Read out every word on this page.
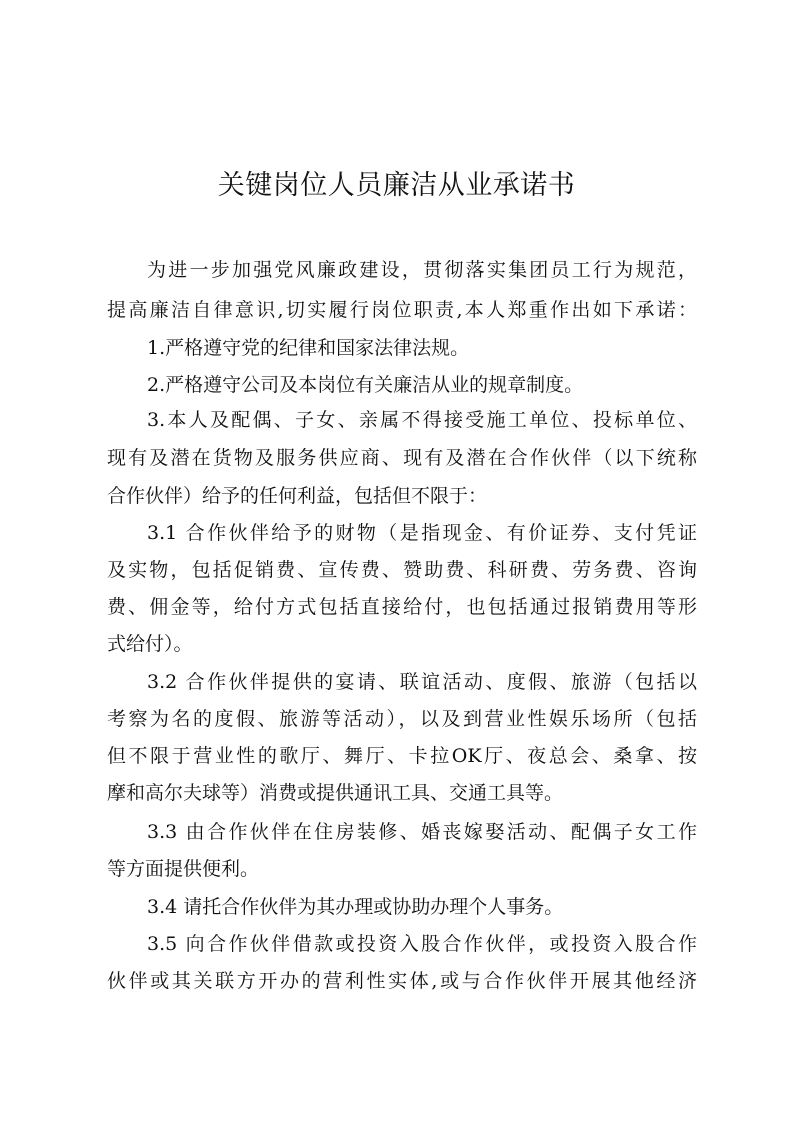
关键岗位人员廉洁从业承诺书

为进一步加强党风廉政建设，贯彻落实集团员工行为规范，

提高廉洁自律意识,切实履行岗位职责,本人郑重作出如下承诺：

1.严格遵守党的纪律和国家法律法规。

2.严格遵守公司及本岗位有关廉洁从业的规章制度。

3.本人及配偶、子女、亲属不得接受施工单位、投标单位、

现有及潜在货物及服务供应商、现有及潜在合作伙伴（以下统称

合作伙伴）给予的任何利益，包括但不限于：

3.1 合作伙伴给予的财物（是指现金、有价证券、支付凭证

及实物，包括促销费、宣传费、赞助费、科研费、劳务费、咨询

费、佣金等，给付方式包括直接给付，也包括通过报销费用等形

式给付）。

3.2 合作伙伴提供的宴请、联谊活动、度假、旅游（包括以

考察为名的度假、旅游等活动），以及到营业性娱乐场所（包括

但不限于营业性的歌厅、舞厅、卡拉OK厅、夜总会、桑拿、按

摩和高尔夫球等）消费或提供通讯工具、交通工具等。

3.3 由合作伙伴在住房装修、婚丧嫁娶活动、配偶子女工作

等方面提供便利。

3.4 请托合作伙伴为其办理或协助办理个人事务。

3.5 向合作伙伴借款或投资入股合作伙伴，或投资入股合作

伙伴或其关联方开办的营利性实体,或与合作伙伴开展其他经济
